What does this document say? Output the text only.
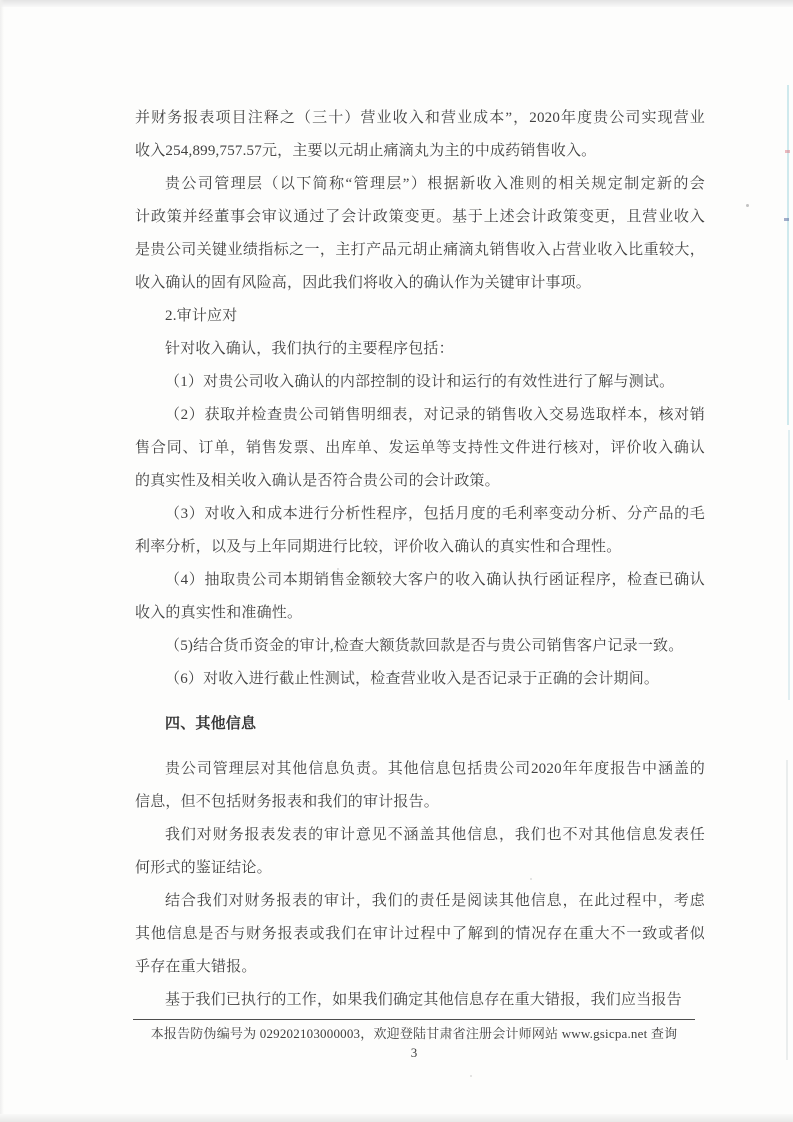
并财务报表项目注释之（三十）营业收入和营业成本”，2020年度贵公司实现营业
收入254,899,757.57元，主要以元胡止痛滴丸为主的中成药销售收入。
贵公司管理层（以下简称“管理层”）根据新收入准则的相关规定制定新的会
计政策并经董事会审议通过了会计政策变更。基于上述会计政策变更，且营业收入
是贵公司关键业绩指标之一，主打产品元胡止痛滴丸销售收入占营业收入比重较大，
收入确认的固有风险高，因此我们将收入的确认作为关键审计事项。
2.审计应对
针对收入确认，我们执行的主要程序包括：
（1）对贵公司收入确认的内部控制的设计和运行的有效性进行了解与测试。
（2）获取并检查贵公司销售明细表，对记录的销售收入交易选取样本，核对销
售合同、订单，销售发票、出库单、发运单等支持性文件进行核对，评价收入确认
的真实性及相关收入确认是否符合贵公司的会计政策。
（3）对收入和成本进行分析性程序，包括月度的毛利率变动分析、分产品的毛
利率分析，以及与上年同期进行比较，评价收入确认的真实性和合理性。
（4）抽取贵公司本期销售金额较大客户的收入确认执行函证程序，检查已确认
收入的真实性和准确性。
（5)结合货币资金的审计,检查大额货款回款是否与贵公司销售客户记录一致。
（6）对收入进行截止性测试，检查营业收入是否记录于正确的会计期间。
四、其他信息
贵公司管理层对其他信息负责。其他信息包括贵公司2020年年度报告中涵盖的
信息，但不包括财务报表和我们的审计报告。
我们对财务报表发表的审计意见不涵盖其他信息，我们也不对其他信息发表任
何形式的鉴证结论。
结合我们对财务报表的审计，我们的责任是阅读其他信息，在此过程中，考虑
其他信息是否与财务报表或我们在审计过程中了解到的情况存在重大不一致或者似
乎存在重大错报。
基于我们已执行的工作，如果我们确定其他信息存在重大错报，我们应当报告
本报告防伪编号为 029202103000003，欢迎登陆甘肃省注册会计师网站 www.gsicpa.net 查询
3
